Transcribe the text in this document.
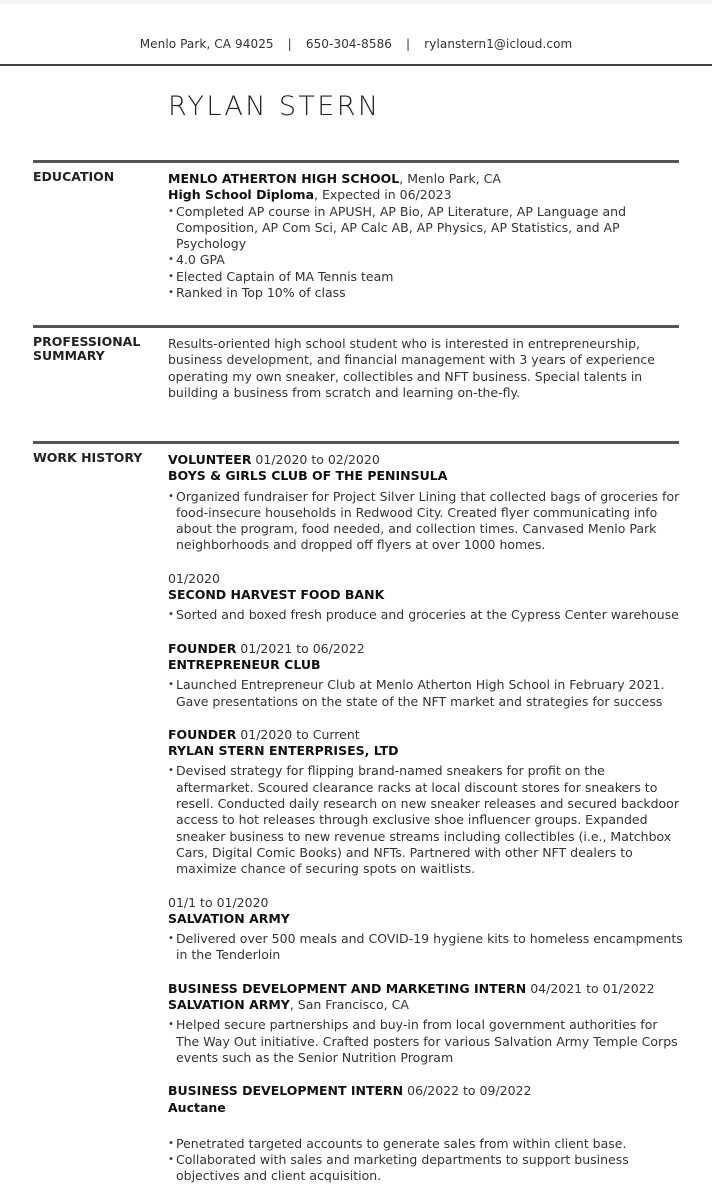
Menlo Park, CA 94025 | 650-304-8586 | rylanstern1@icloud.com
RYLAN STERN
EDUCATION	MENLO ATHERTON HIGH SCHOOL, Menlo Park, CA
High School Diploma, Expected in 06/2023
• Completed AP course in APUSH, AP Bio, AP Literature, AP Language and Composition, AP Com Sci, AP Calc AB, AP Physics, AP Statistics, and AP Psychology
• 4.0 GPA
• Elected Captain of MA Tennis team
• Ranked in Top 10% of class
PROFESSIONAL
SUMMARY
Results-oriented high school student who is interested in entrepreneurship, business development, and financial management with 3 years of experience operating my own sneaker, collectibles and NFT business. Special talents in building a business from scratch and learning on-the-fly.
WORK HISTORY	VOLUNTEER 01/2020 to 02/2020
BOYS & GIRLS CLUB OF THE PENINSULA
• Organized fundraiser for Project Silver Lining that collected bags of groceries for food-insecure households in Redwood City. Created flyer communicating info about the program, food needed, and collection times. Canvased Menlo Park neighborhoods and dropped off flyers at over 1000 homes.
01/2020
SECOND HARVEST FOOD BANK
• Sorted and boxed fresh produce and groceries at the Cypress Center warehouse
FOUNDER 01/2021 to 06/2022
ENTREPRENEUR CLUB
• Launched Entrepreneur Club at Menlo Atherton High School in February 2021. Gave presentations on the state of the NFT market and strategies for success
FOUNDER 01/2020 to Current
RYLAN STERN ENTERPRISES, LTD
• Devised strategy for flipping brand-named sneakers for profit on the aftermarket. Scoured clearance racks at local discount stores for sneakers to resell. Conducted daily research on new sneaker releases and secured backdoor access to hot releases through exclusive shoe influencer groups. Expanded sneaker business to new revenue streams including collectibles (i.e., Matchbox Cars, Digital Comic Books) and NFTs. Partnered with other NFT dealers to maximize chance of securing spots on waitlists.
01/1 to 01/2020
SALVATION ARMY
• Delivered over 500 meals and COVID-19 hygiene kits to homeless encampments in the Tenderloin
BUSINESS DEVELOPMENT AND MARKETING INTERN 04/2021 to 01/2022
SALVATION ARMY, San Francisco, CA
• Helped secure partnerships and buy-in from local government authorities for The Way Out initiative. Crafted posters for various Salvation Army Temple Corps events such as the Senior Nutrition Program
BUSINESS DEVELOPMENT INTERN 06/2022 to 09/2022
Auctane
• Penetrated targeted accounts to generate sales from within client base.
• Collaborated with sales and marketing departments to support business objectives and client acquisition.
